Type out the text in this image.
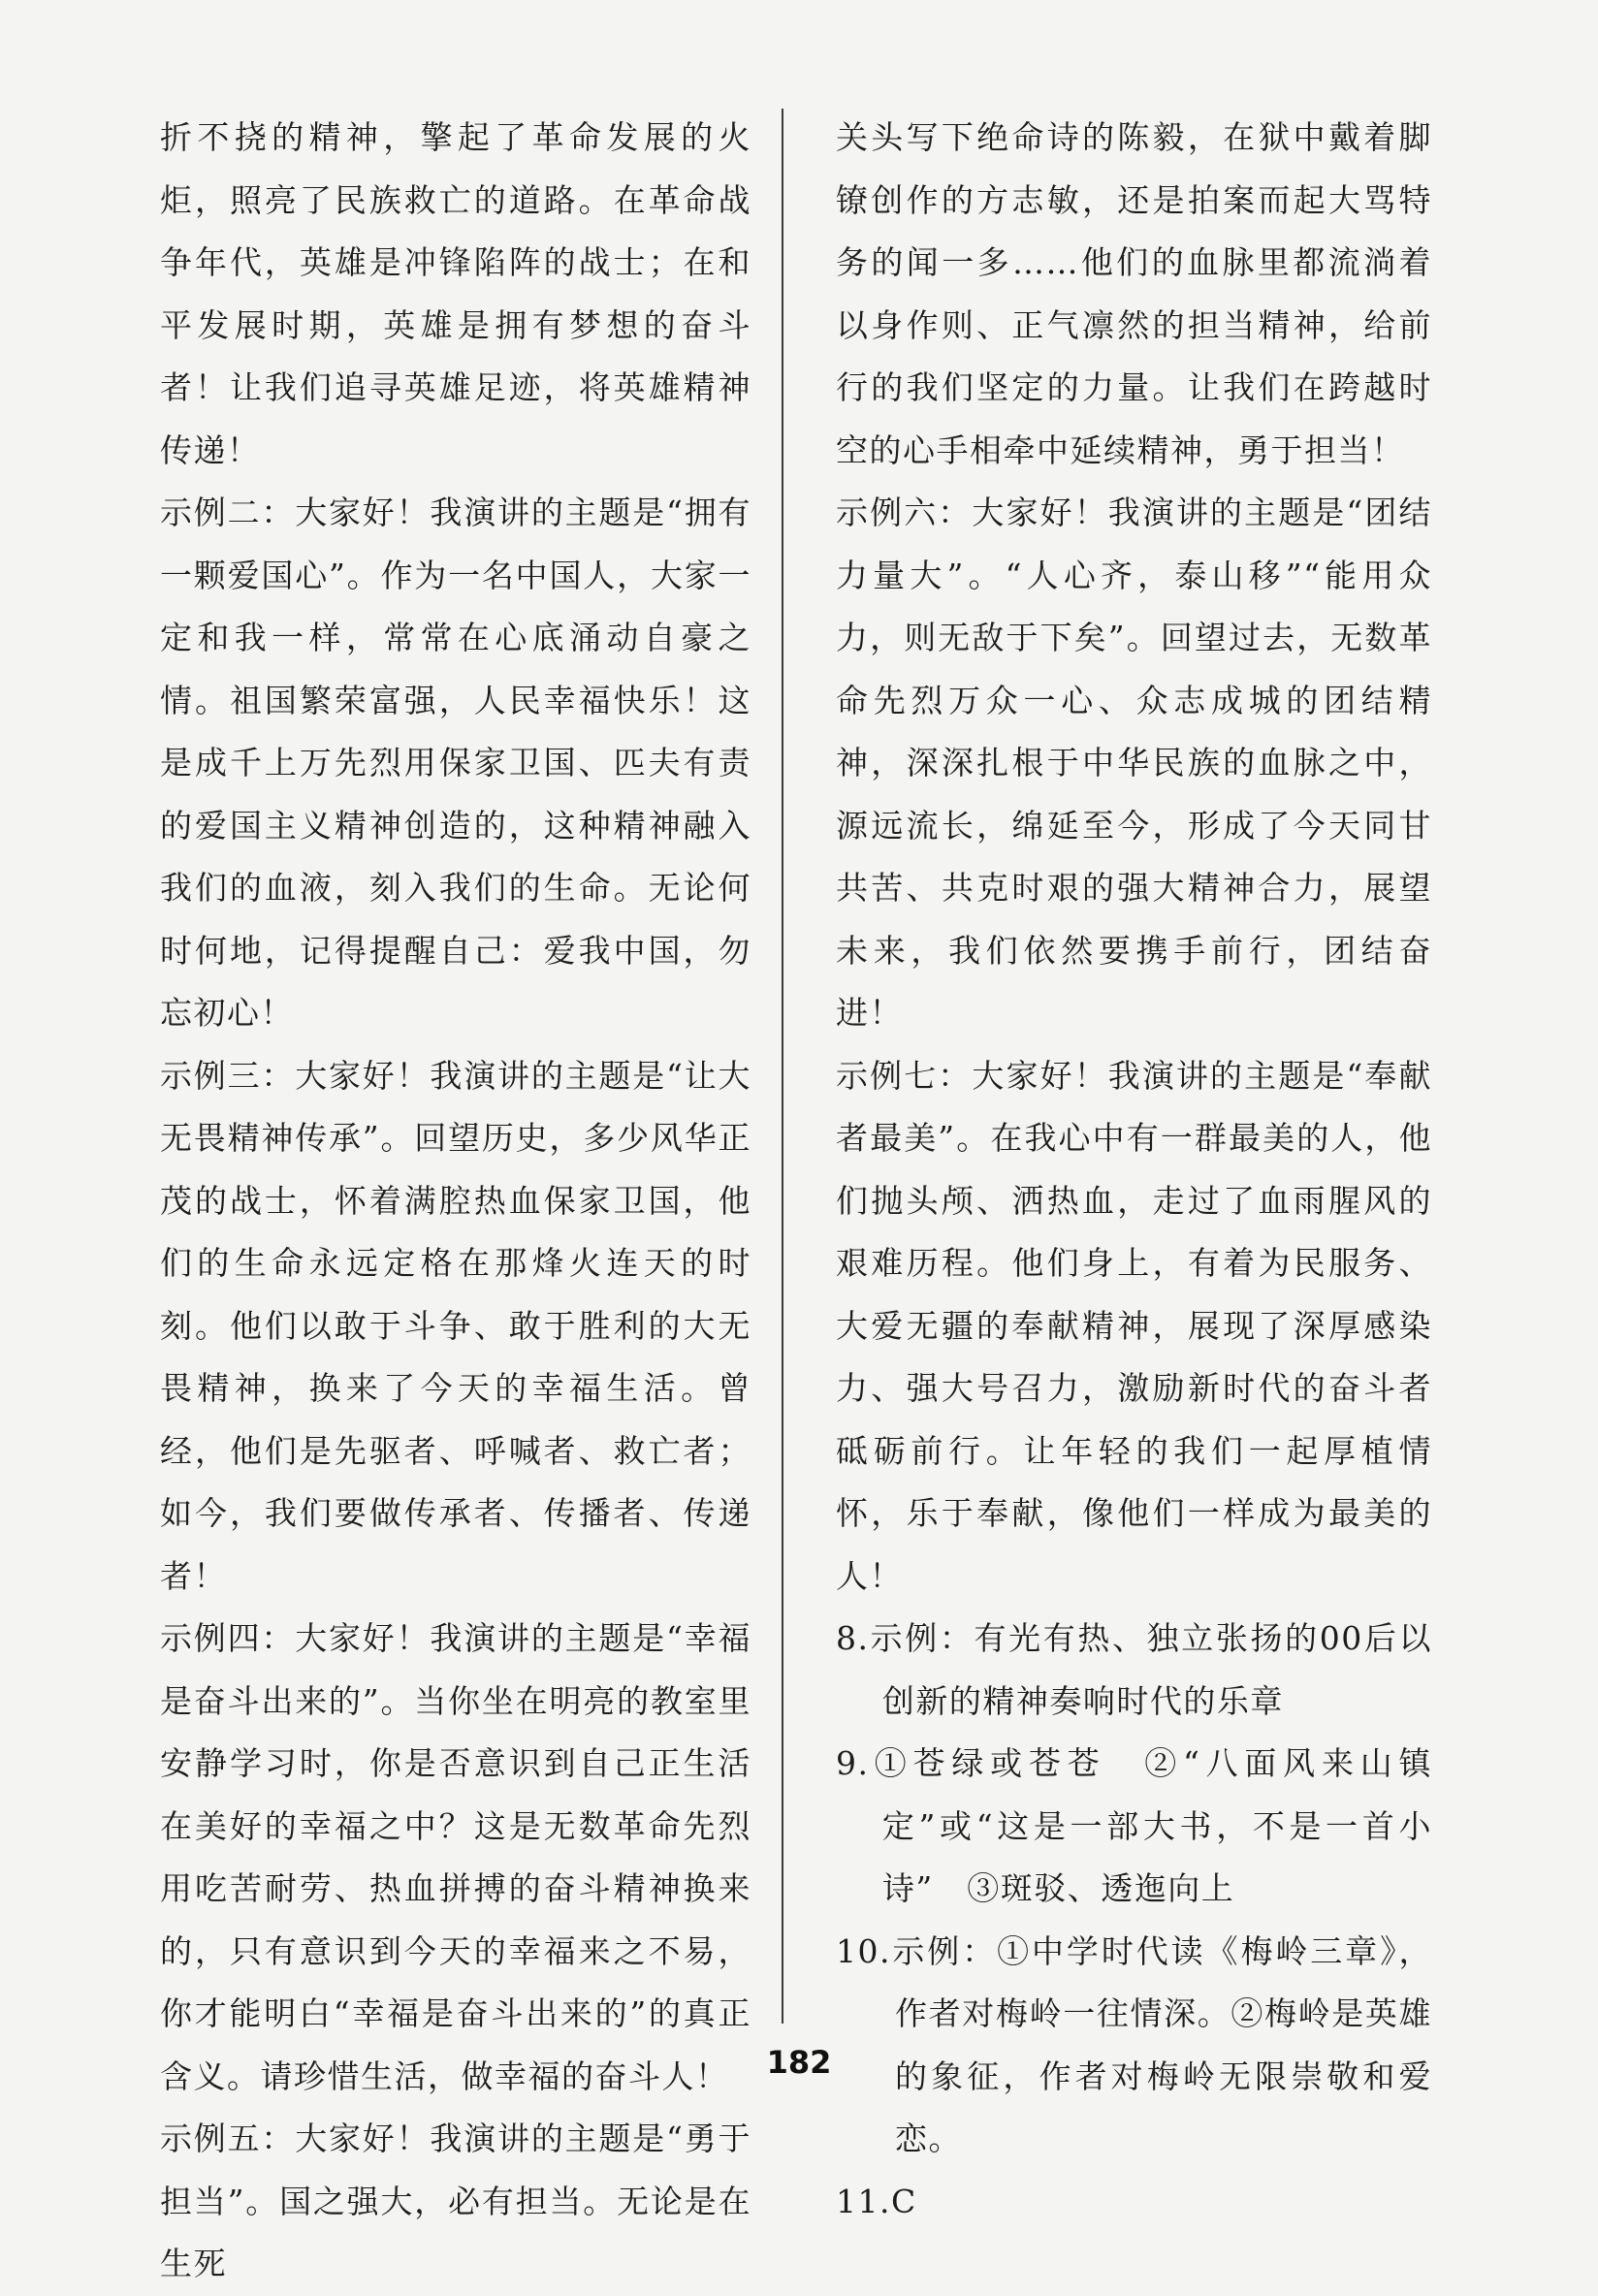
折不挠的精神，擎起了革命发展的火炬，照亮了民族救亡的道路。在革命战争年代，英雄是冲锋陷阵的战士；在和平发展时期，英雄是拥有梦想的奋斗者！让我们追寻英雄足迹，将英雄精神传递！

示例二：大家好！我演讲的主题是“拥有一颗爱国心”。作为一名中国人，大家一定和我一样，常常在心底涌动自豪之情。祖国繁荣富强，人民幸福快乐！这是成千上万先烈用保家卫国、匹夫有责的爱国主义精神创造的，这种精神融入我们的血液，刻入我们的生命。无论何时何地，记得提醒自己：爱我中国，勿忘初心！

示例三：大家好！我演讲的主题是“让大无畏精神传承”。回望历史，多少风华正茂的战士，怀着满腔热血保家卫国，他们的生命永远定格在那烽火连天的时刻。他们以敢于斗争、敢于胜利的大无畏精神，换来了今天的幸福生活。曾经，他们是先驱者、呼喊者、救亡者；如今，我们要做传承者、传播者、传递者！

示例四：大家好！我演讲的主题是“幸福是奋斗出来的”。当你坐在明亮的教室里安静学习时，你是否意识到自己正生活在美好的幸福之中？这是无数革命先烈用吃苦耐劳、热血拼搏的奋斗精神换来的，只有意识到今天的幸福来之不易，你才能明白“幸福是奋斗出来的”的真正含义。请珍惜生活，做幸福的奋斗人！

示例五：大家好！我演讲的主题是“勇于担当”。国之强大，必有担当。无论是在生死

关头写下绝命诗的陈毅，在狱中戴着脚镣创作的方志敏，还是拍案而起大骂特务的闻一多……他们的血脉里都流淌着以身作则、正气凛然的担当精神，给前行的我们坚定的力量。让我们在跨越时空的心手相牵中延续精神，勇于担当！

示例六：大家好！我演讲的主题是“团结力量大”。“人心齐，泰山移”“能用众力，则无敌于下矣”。回望过去，无数革命先烈万众一心、众志成城的团结精神，深深扎根于中华民族的血脉之中，源远流长，绵延至今，形成了今天同甘共苦、共克时艰的强大精神合力，展望未来，我们依然要携手前行，团结奋进！

示例七：大家好！我演讲的主题是“奉献者最美”。在我心中有一群最美的人，他们抛头颅、洒热血，走过了血雨腥风的艰难历程。他们身上，有着为民服务、大爱无疆的奉献精神，展现了深厚感染力、强大号召力，激励新时代的奋斗者砥砺前行。让年轻的我们一起厚植情怀，乐于奉献，像他们一样成为最美的人！

8.示例：有光有热、独立张扬的00后以创新的精神奏响时代的乐章

9.①苍绿或苍苍　②“八面风来山镇定”或“这是一部大书，不是一首小诗”　③斑驳、透迤向上

10.示例：①中学时代读《梅岭三章》，作者对梅岭一往情深。②梅岭是英雄的象征，作者对梅岭无限崇敬和爱恋。

11.C

182
